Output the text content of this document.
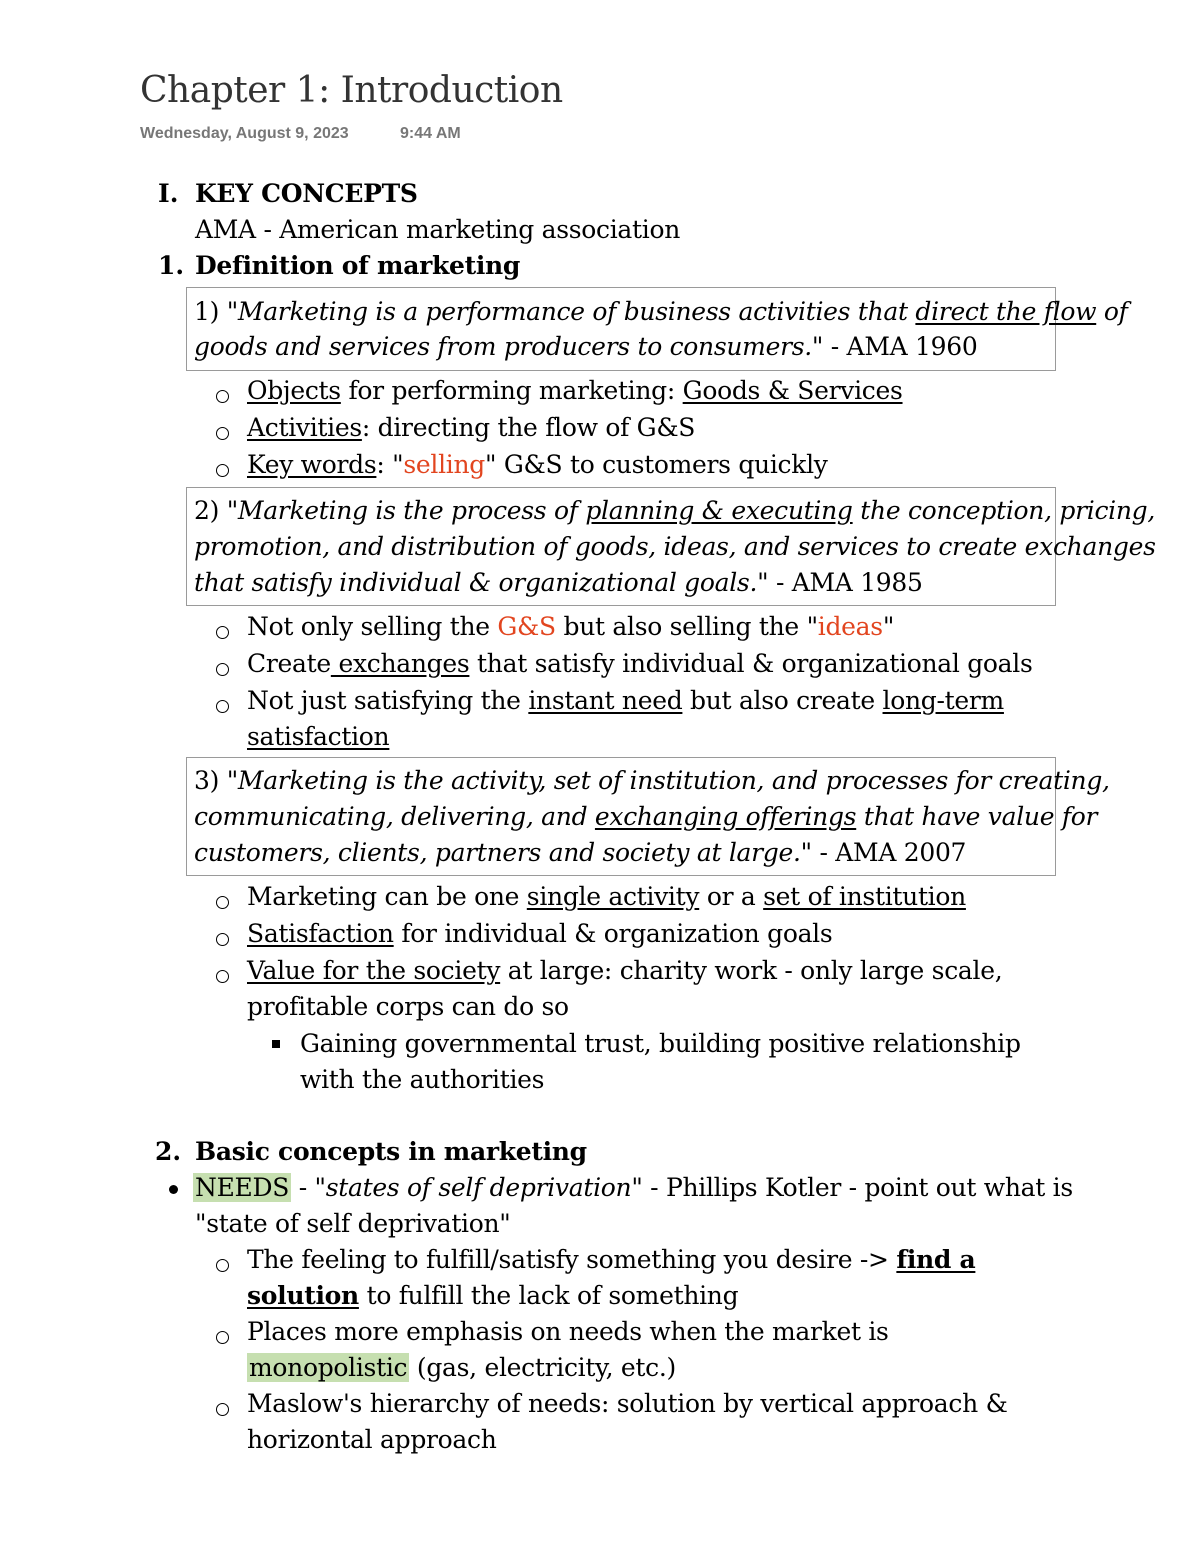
Chapter 1: Introduction
Wednesday, August 9, 2023	9:44 AM
I. KEY CONCEPTS
AMA - American marketing association
1. Definition of marketing
1) "Marketing is a performance of business activities that direct the flow of
goods and services from producers to consumers." - AMA 1960
Objects for performing marketing: Goods & Services
Activities: directing the flow of G&S
Key words: "selling" G&S to customers quickly
2) "Marketing is the process of planning & executing the conception, pricing,
promotion, and distribution of goods, ideas, and services to create exchanges
that satisfy individual & organizational goals." - AMA 1985
Not only selling the G&S but also selling the "ideas"
Create exchanges that satisfy individual & organizational goals
Not just satisfying the instant need but also create long-term
satisfaction
3) "Marketing is the activity, set of institution, and processes for creating,
communicating, delivering, and exchanging offerings that have value for
customers, clients, partners and society at large." - AMA 2007
Marketing can be one single activity or a set of institution
Satisfaction for individual & organization goals
Value for the society at large: charity work - only large scale,
profitable corps can do so
Gaining governmental trust, building positive relationship
with the authorities
2. Basic concepts in marketing
NEEDS - "states of self deprivation" - Phillips Kotler - point out what is
"state of self deprivation"
The feeling to fulfill/satisfy something you desire -> find a
solution to fulfill the lack of something
Places more emphasis on needs when the market is
monopolistic (gas, electricity, etc.)
Maslow's hierarchy of needs: solution by vertical approach &
horizontal approach
